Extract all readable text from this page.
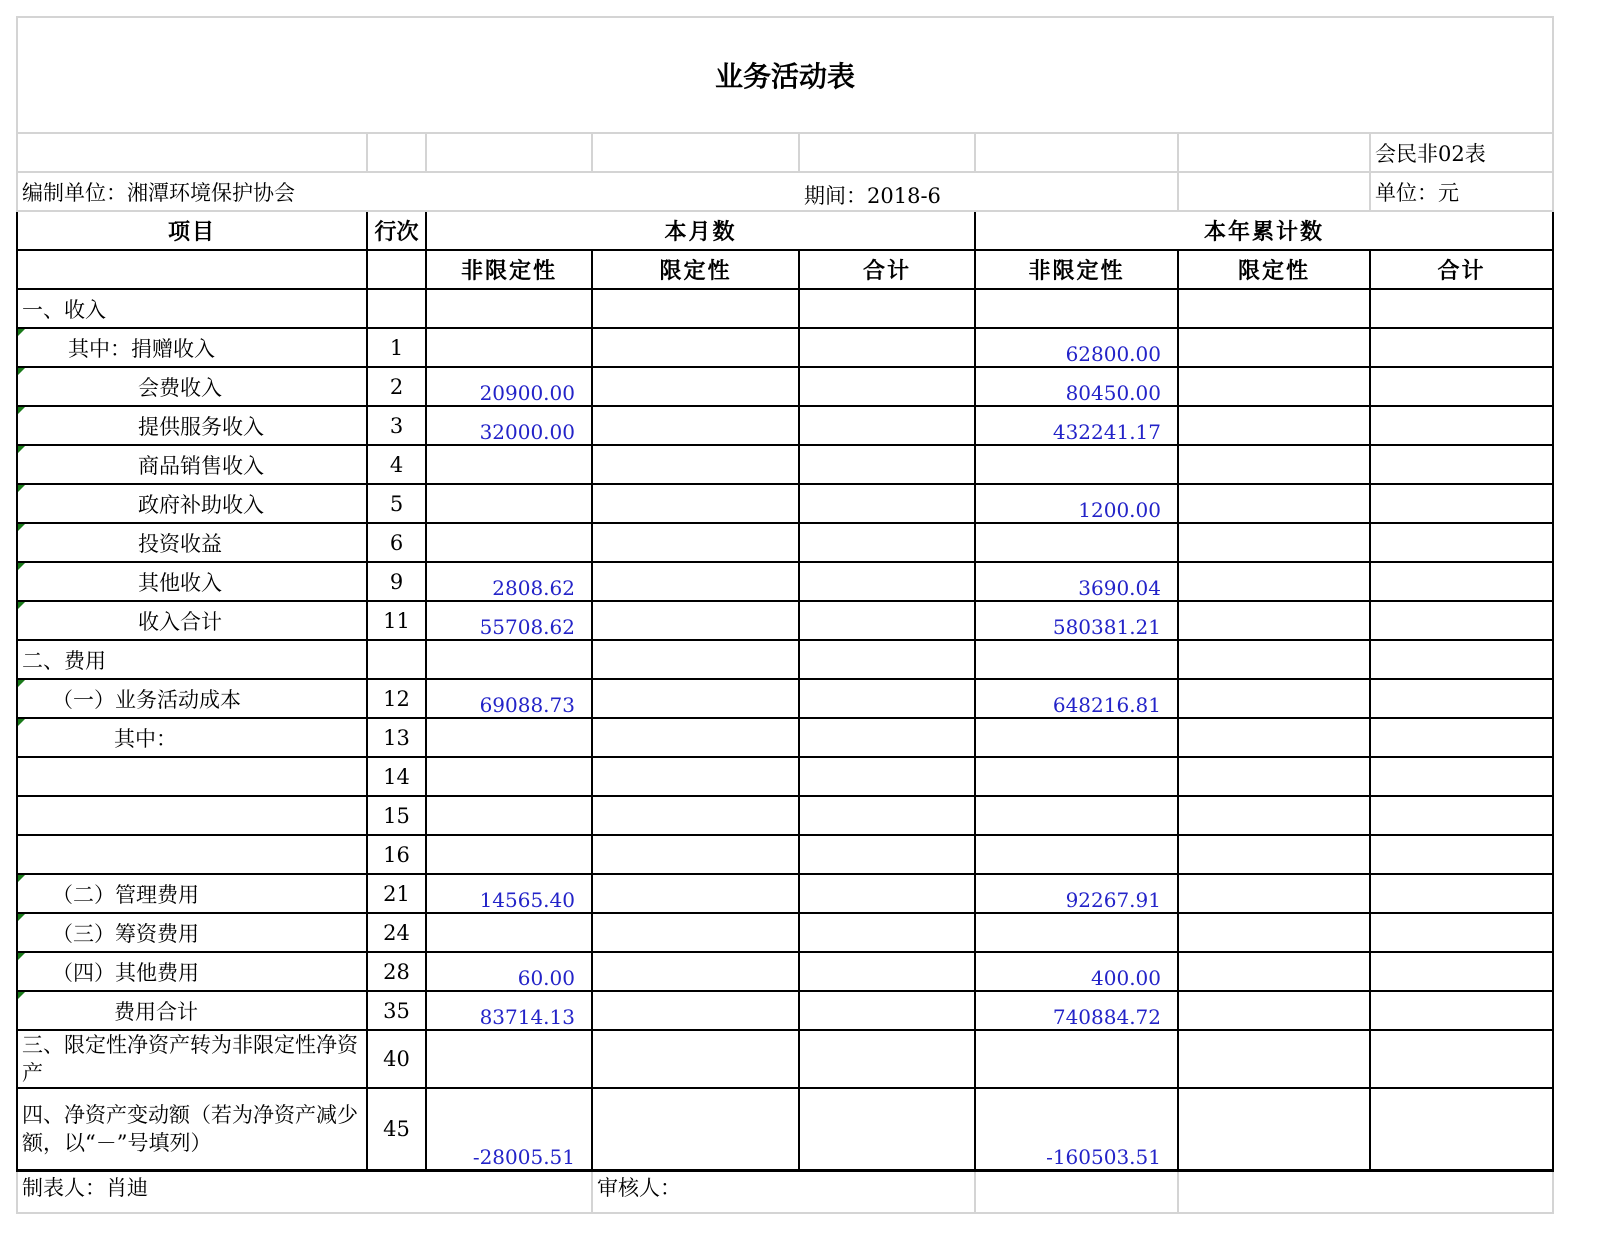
业务活动表							
							会民非02表
编制单位：湘潭环境保护协会				期间：2018-6			单位：元
项目	行次	本月数			本年累计数		
		非限定性	限定性	合计	非限定性	限定性	合计
一、收入							
其中：捐赠收入	1				62800.00		
会费收入	2	20900.00			80450.00		
提供服务收入	3	32000.00			432241.17		
商品销售收入	4						
政府补助收入	5				1200.00		
投资收益	6						
其他收入	9	2808.62			3690.04		
收入合计	11	55708.62			580381.21		
二、费用							
（一）业务活动成本	12	69088.73			648216.81		
其中：	13						
	14						
	15						
	16						
（二）管理费用	21	14565.40			92267.91		
（三）筹资费用	24						
（四）其他费用	28	60.00			400.00		
费用合计	35	83714.13			740884.72		
三、限定性净资产转为非限定性净资产	40						
四、净资产变动额（若为净资产减少额，以“－”号填列）	45	-28005.51			-160503.51		
制表人：肖迪			审核人：				
